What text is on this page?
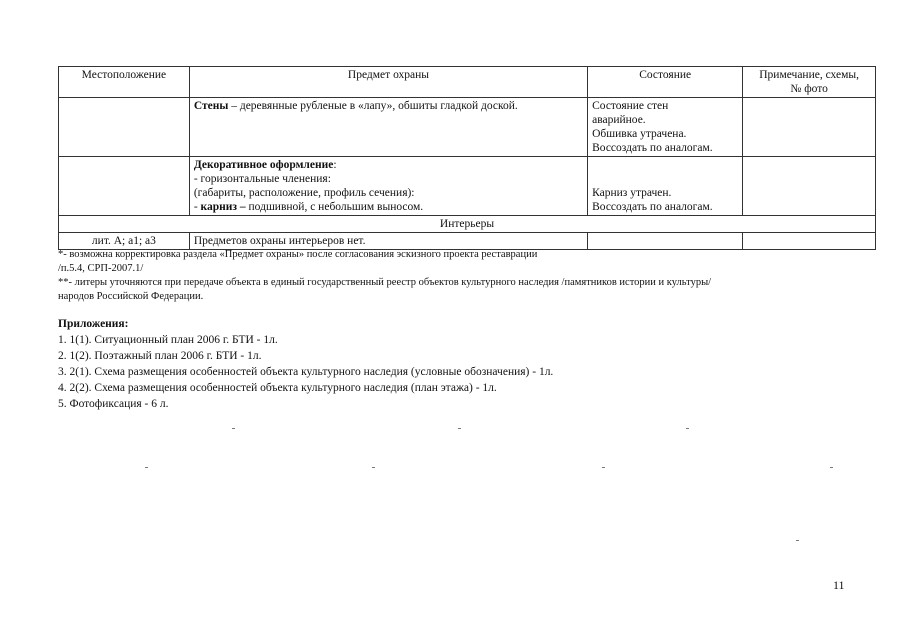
Местоположение	Предмет охраны	Состояние	Примечание, схемы, № фото
	Стены – деревянные рубленые в «лапу», обшиты гладкой доской.	Состояние стен
аварийное.
Обшивка утрачена.
Воссоздать по аналогам.	

	Декоративное оформление:
- горизонтальные членения:
(габариты, расположение, профиль сечения):
- карниз – подшивной, с небольшим выносом.	Карниз утрачен.
Воссоздать по аналогам.	

Интерьеры			
лит. А; а1; а3	Предметов охраны интерьеров нет.		
*- возможна корректировка раздела «Предмет охраны» после согласования эскизного проекта реставрации
/п.5.4, СРП-2007.1/
**- литеры уточняются при передаче объекта в единый государственный реестр объектов культурного наследия /памятников истории и культуры/
народов Российской Федерации.
Приложения:
1. 1(1). Ситуационный план 2006 г. БТИ - 1л.
2. 1(2). Поэтажный план 2006 г. БТИ - 1л.
3. 2(1). Схема размещения особенностей объекта культурного наследия (условные обозначения) - 1л.
4. 2(2). Схема размещения особенностей объекта культурного наследия (план этажа) - 1л.
5. Фотофиксация - 6 л.
11
